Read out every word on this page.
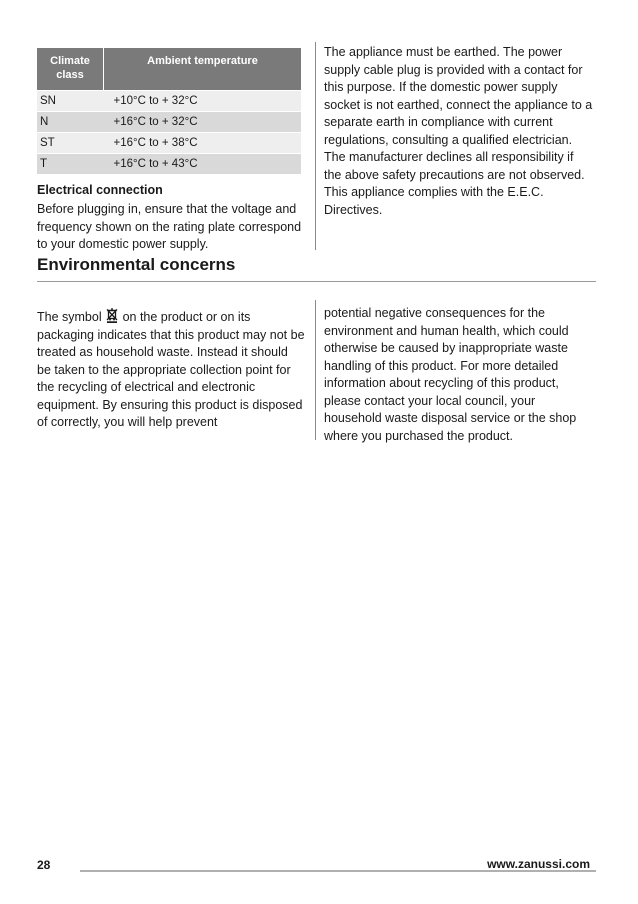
Climate class	Ambient temperature
SN	+10°C to + 32°C
N	+16°C to + 32°C
ST	+16°C to + 38°C
T	+16°C to + 43°C
Electrical connection

Before plugging in, ensure that the voltage and frequency shown on the rating plate correspond to your domestic power supply.

The appliance must be earthed. The power supply cable plug is provided with a contact for this purpose. If the domestic power supply socket is not earthed, connect the appliance to a separate earth in compliance with current regulations, consulting a qualified electrician. The manufacturer declines all responsibility if the above safety precautions are not observed. This appliance complies with the E.E.C. Directives.

Environmental concerns

The symbol  on the product or on its packaging indicates that this product may not be treated as household waste. Instead it should be taken to the appropriate collection point for the recycling of electrical and electronic equipment. By ensuring this product is disposed of correctly, you will help prevent

potential negative consequences for the environment and human health, which could otherwise be caused by inappropriate waste handling of this product. For more detailed information about recycling of this product, please contact your local council, your household waste disposal service or the shop where you purchased the product.

28	www.zanussi.com
